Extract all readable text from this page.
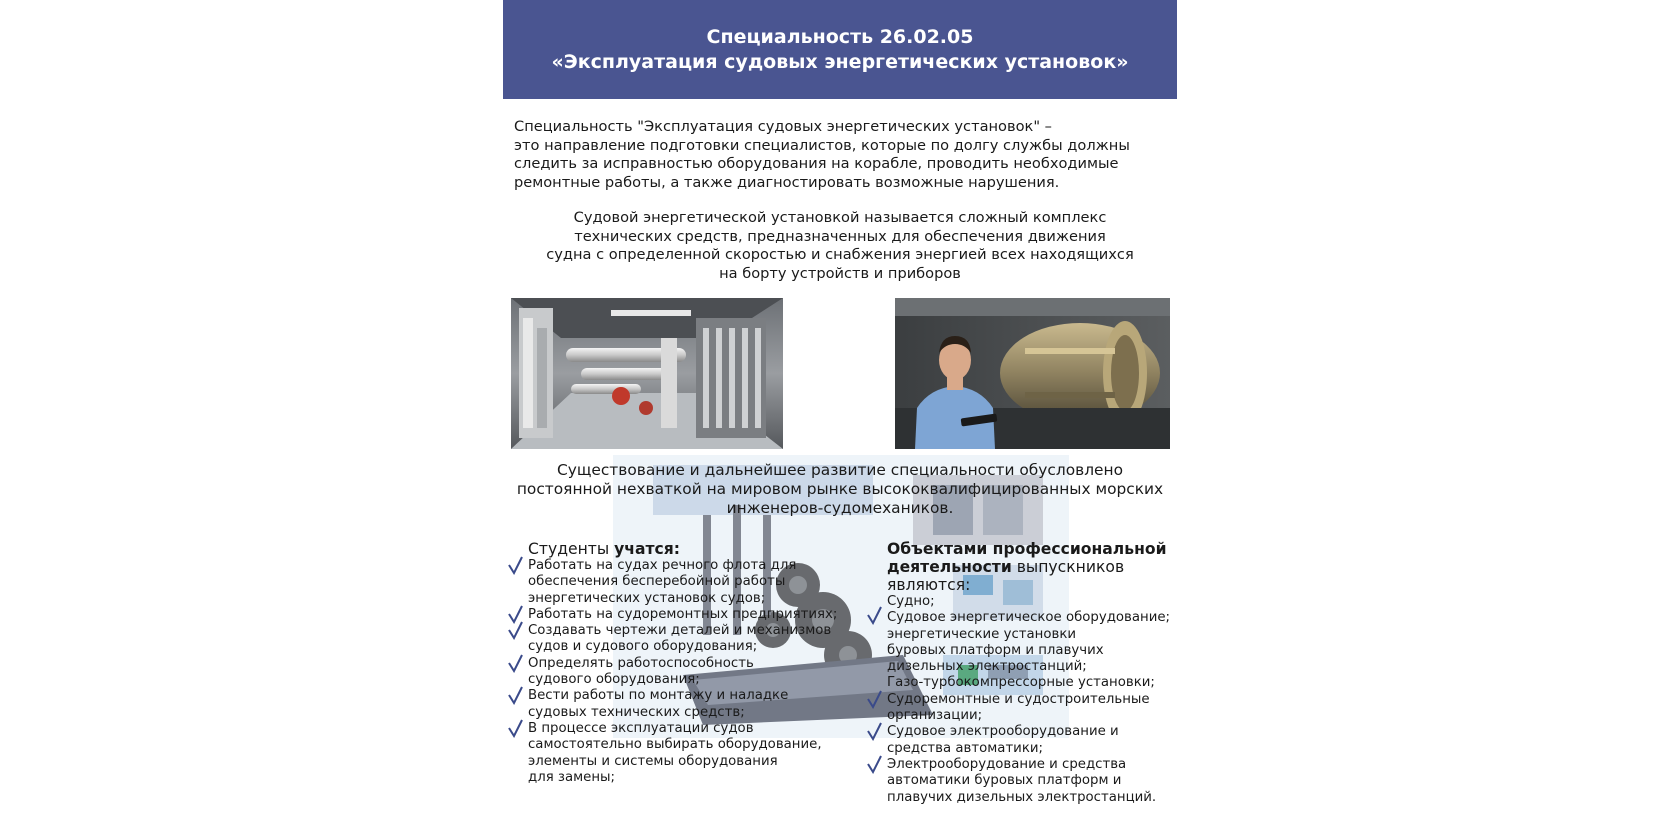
Специальность 26.02.05
«Эксплуатация судовых энергетических установок»
Специальность "Эксплуатация судовых энергетических установок" –
это направление подготовки специалистов, которые по долгу службы должны
следить за исправностью оборудования на корабле, проводить необходимые
ремонтные работы, а также диагностировать возможные нарушения.
Судовой энергетической установкой называется сложный комплекс
технических средств, предназначенных для обеспечения движения
судна с определенной скоростью и снабжения энергией всех находящихся
на борту устройств и приборов
Существование и дальнейшее развитие специальности обусловлено
постоянной нехваткой на мировом рынке высококвалифицированных морских
инженеров-судомехаников.
Студенты учатся:
Работать на судах речного флота для
обеспечения бесперебойной работы
энергетических установок судов;
Работать на судоремонтных предприятиях;
Создавать чертежи деталей и механизмов
судов и судового оборудования;
Определять работоспособность
судового оборудования;
Вести работы по монтажу и наладке
судовых технических средств;
В процессе эксплуатации судов
самостоятельно выбирать оборудование,
элементы и системы оборудования
для замены;
Объектами профессиональной
деятельности выпускников
являются:
Судно;
Судовое энергетическое оборудование;
энергетические установки
буровых платформ и плавучих
дизельных электростанций;
Газо-турбокомпрессорные установки;
Судоремонтные и судостроительные
организации;
Судовое электрооборудование и
средства автоматики;
Электрооборудование и средства
автоматики буровых платформ и
плавучих дизельных электростанций.
